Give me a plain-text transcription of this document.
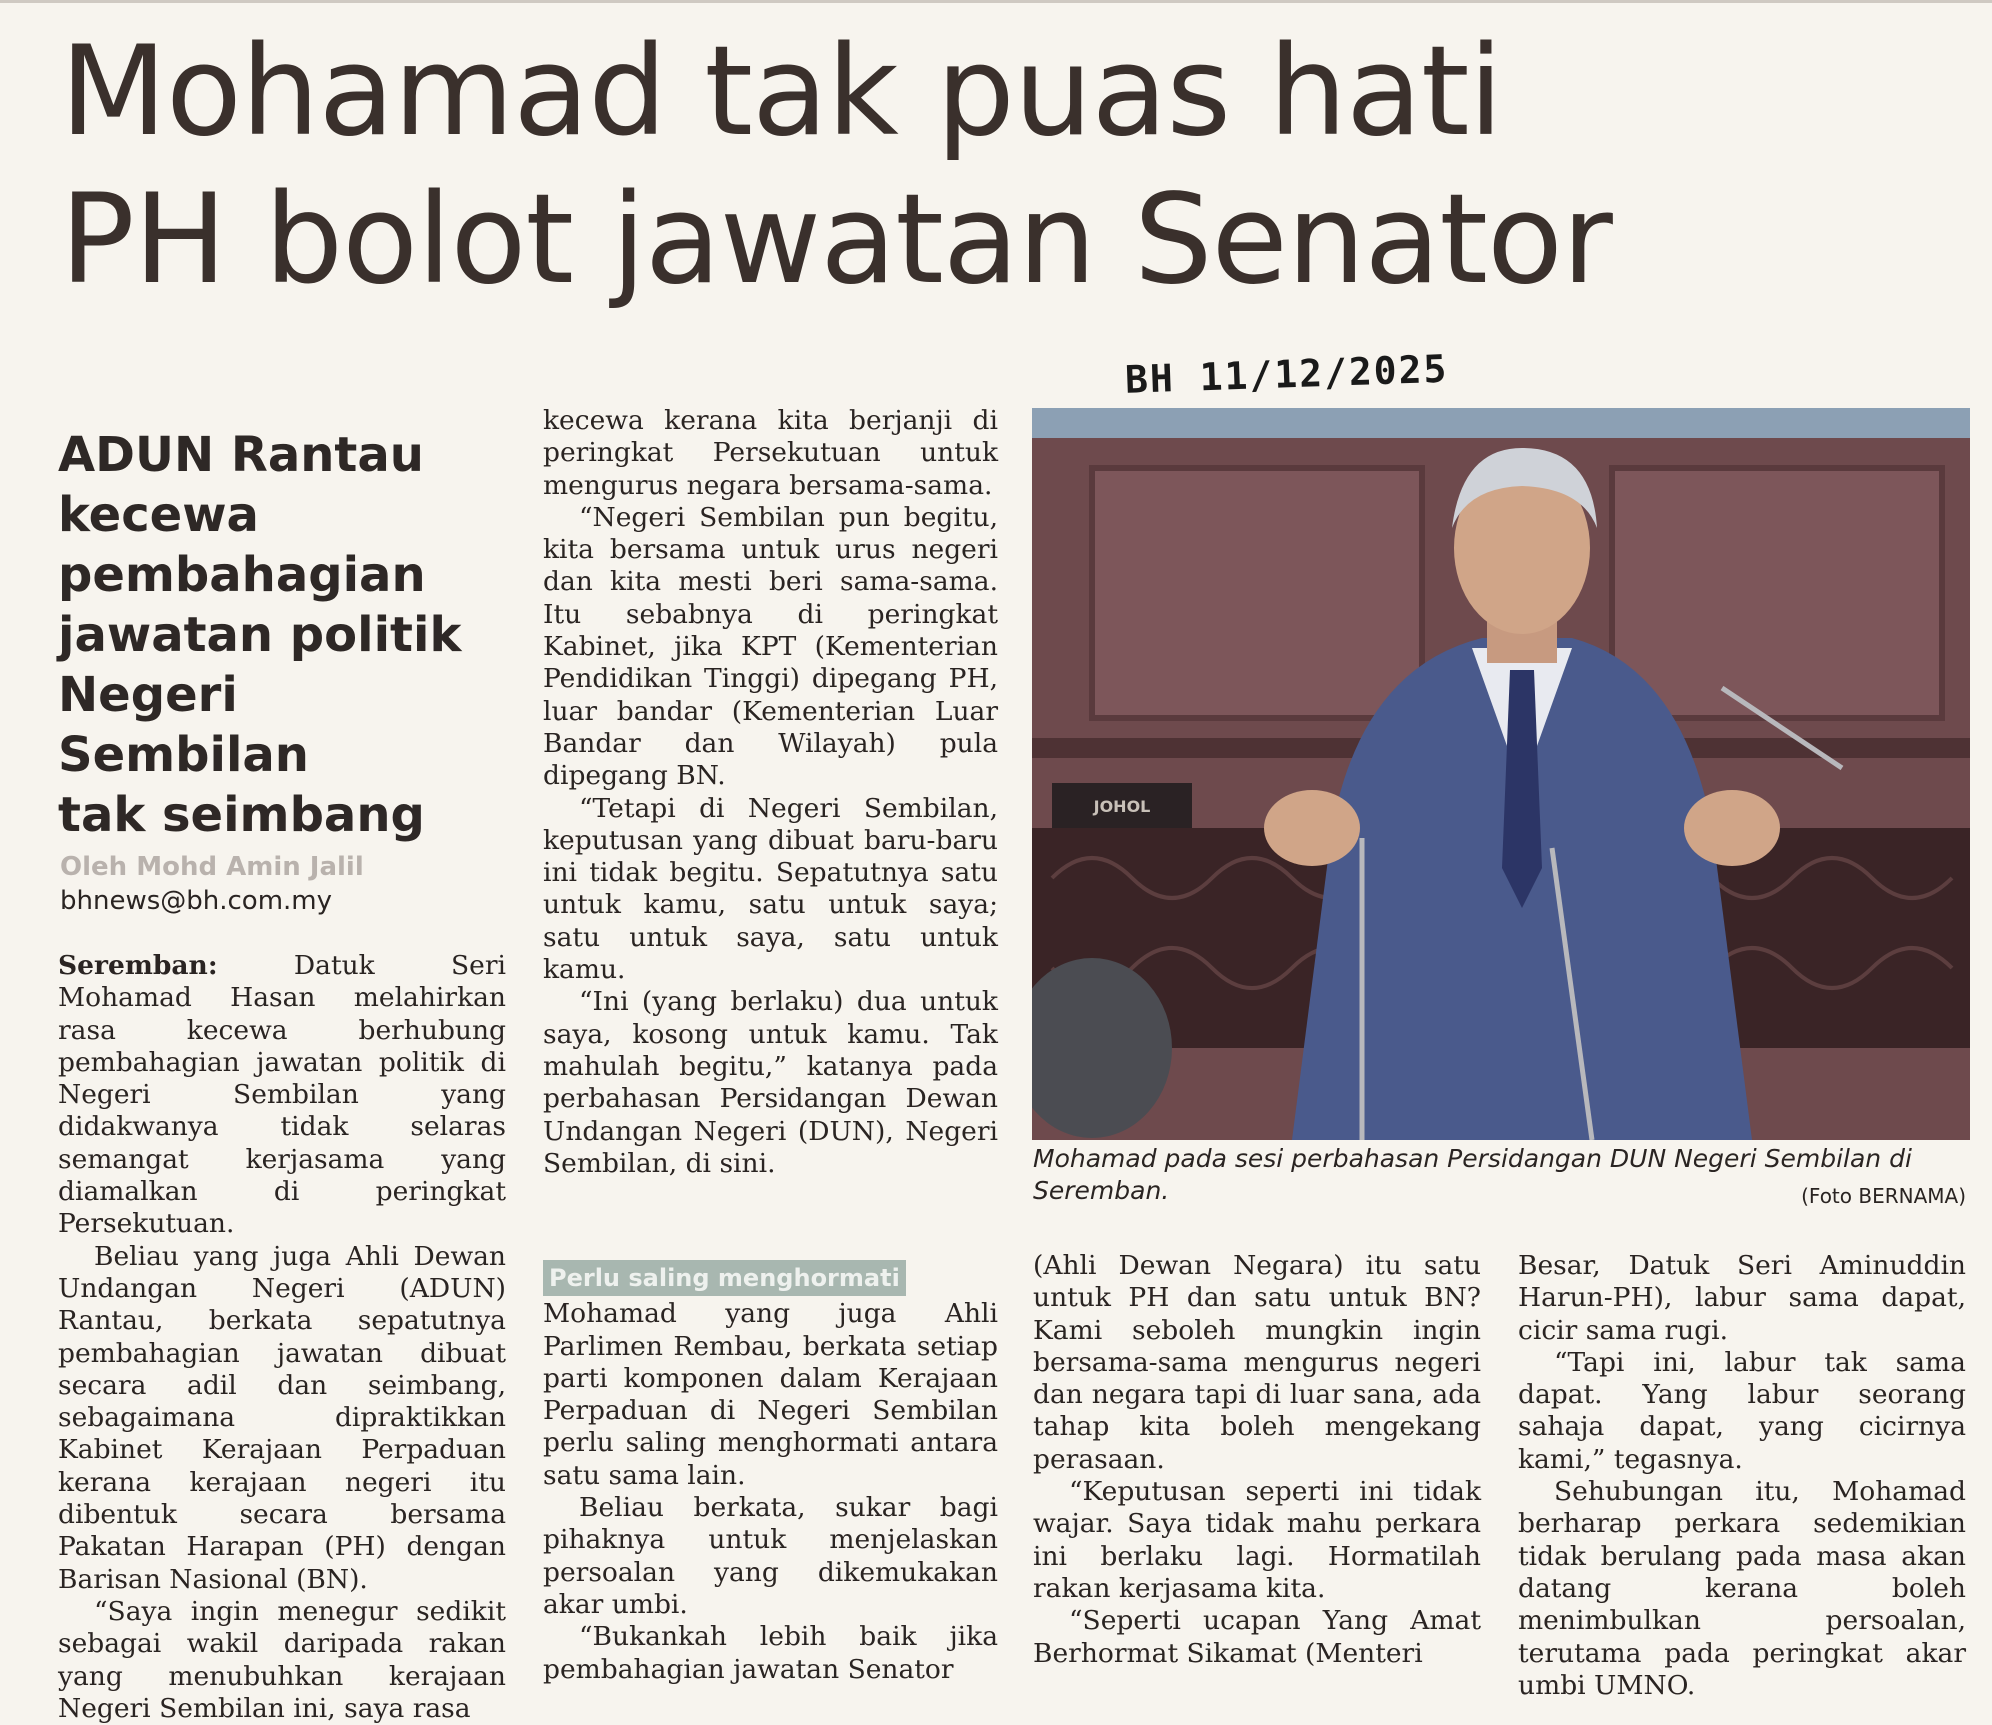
Mohamad tak puas hati
PH bolot jawatan Senator
BH 11/12/2025
ADUN Rantau
kecewa
pembahagian
jawatan politik
Negeri Sembilan
tak seimbang
Oleh Mohd Amin Jalil
bhnews@bh.com.my

Seremban:	Datuk Seri Mohamad Hasan melahirkan rasa kecewa berhubung pembahagian jawatan politik di Negeri Sembilan yang didakwanya tidak selaras semangat kerjasama yang diamalkan di peringkat Persekutuan.

Beliau yang juga Ahli Dewan Undangan Negeri (ADUN) Rantau, berkata sepatutnya pembahagian jawatan dibuat secara adil dan seimbang, sebagaimana dipraktikkan Kabinet Kerajaan Perpaduan kerana kerajaan negeri itu dibentuk secara bersama Pakatan Harapan (PH) dengan Barisan Nasional (BN).

“Saya ingin menegur sedikit sebagai wakil daripada rakan yang menubuhkan kerajaan Negeri Sembilan ini, saya rasa

kecewa kerana kita berjanji di peringkat Persekutuan untuk mengurus negara bersama-sama.

“Negeri Sembilan pun begitu, kita bersama untuk urus negeri dan kita mesti beri sama-sama. Itu sebabnya di peringkat Kabinet, jika KPT (Kementerian Pendidikan Tinggi) dipegang PH, luar bandar (Kementerian Luar Bandar dan Wilayah) pula dipegang BN.

“Tetapi di Negeri Sembilan, keputusan yang dibuat baru-baru ini tidak begitu. Sepatutnya satu untuk kamu, satu untuk saya; satu untuk saya, satu untuk kamu.

“Ini (yang berlaku) dua untuk saya, kosong untuk kamu. Tak mahulah begitu,” katanya pada perbahasan Persidangan Dewan Undangan Negeri (DUN), Negeri Sembilan, di sini.

Perlu saling menghormati

Mohamad yang juga Ahli Parlimen Rembau, berkata setiap parti komponen dalam Kerajaan Perpaduan di Negeri Sembilan perlu saling menghormati antara satu sama lain.

Beliau berkata, sukar bagi pihaknya untuk menjelaskan persoalan yang dikemukakan akar umbi.

“Bukankah lebih baik jika pembahagian jawatan Senator

(Ahli Dewan Negara) itu satu untuk PH dan satu untuk BN? Kami seboleh mungkin ingin bersama-sama mengurus negeri dan negara tapi di luar sana, ada tahap kita boleh mengekang perasaan.

“Keputusan seperti ini tidak wajar. Saya tidak mahu perkara ini berlaku lagi. Hormatilah rakan kerjasama kita.

“Seperti ucapan Yang Amat Berhormat Sikamat (Menteri

Besar, Datuk Seri Aminuddin Harun-PH), labur sama dapat, cicir sama rugi.

“Tapi ini, labur tak sama dapat. Yang labur seorang sahaja dapat, yang cicirnya kami,” tegasnya.

Sehubungan itu, Mohamad berharap perkara sedemikian tidak berulang pada masa akan datang kerana boleh menimbulkan persoalan, terutama pada peringkat akar umbi UMNO.

JOHOL
Mohamad pada sesi perbahasan Persidangan DUN Negeri Sembilan di Seremban.	(Foto BERNAMA)
